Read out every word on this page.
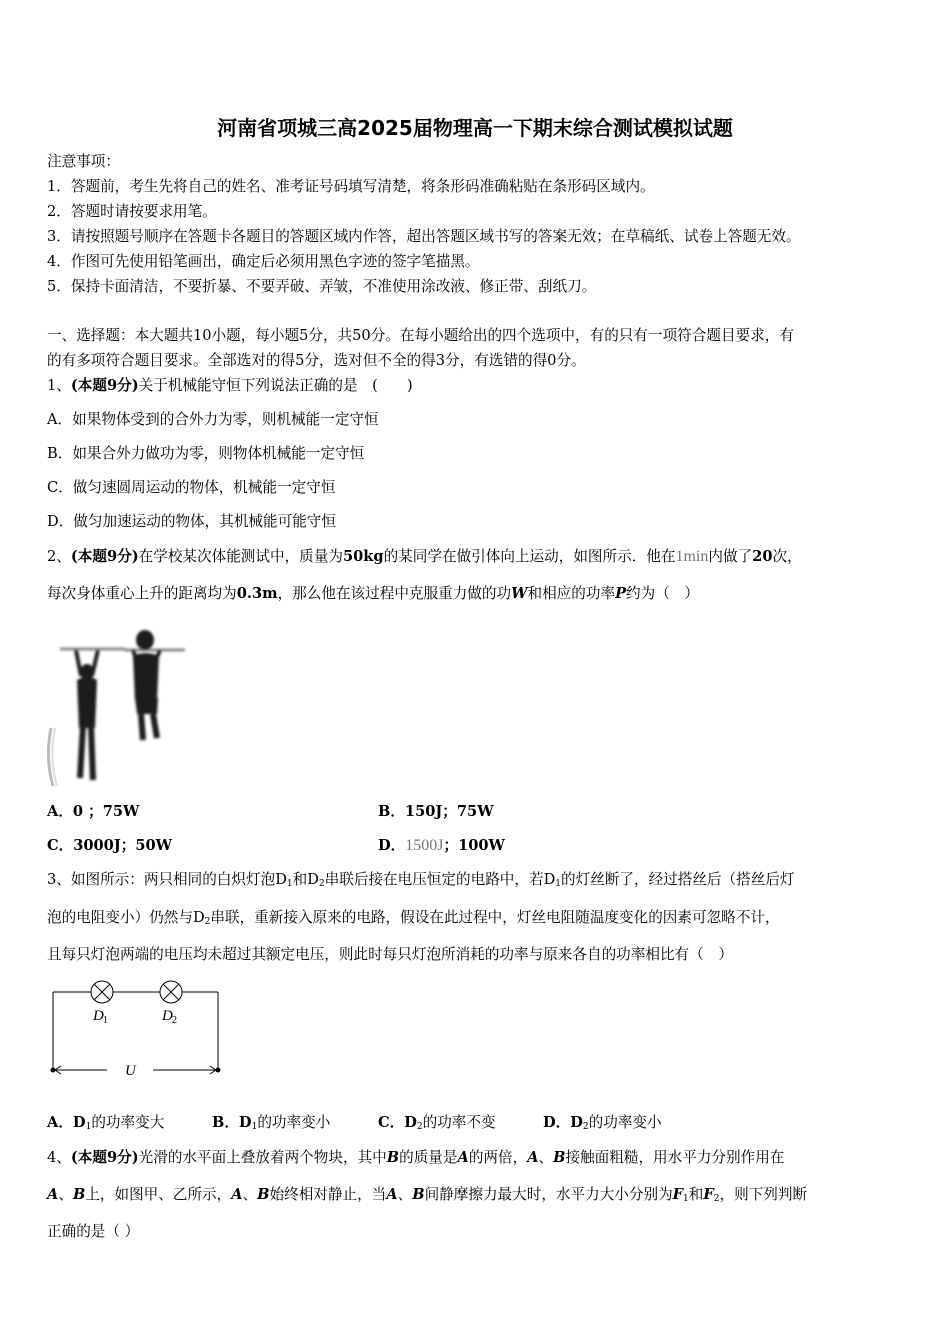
河南省项城三高2025届物理高一下期末综合测试模拟试题
注意事项：
1．答题前，考生先将自己的姓名、准考证号码填写清楚，将条形码准确粘贴在条形码区域内。
2．答题时请按要求用笔。
3．请按照题号顺序在答题卡各题目的答题区域内作答，超出答题区域书写的答案无效；在草稿纸、试卷上答题无效。
4．作图可先使用铅笔画出，确定后必须用黑色字迹的签字笔描黑。
5．保持卡面清洁，不要折暴、不要弄破、弄皱，不准使用涂改液、修正带、刮纸刀。
一、选择题：本大题共10小题，每小题5分，共50分。在每小题给出的四个选项中，有的只有一项符合题目要求，有
的有多项符合题目要求。全部选对的得5分，选对但不全的得3分，有选错的得0分。
1、(本题9分)关于机械能守恒下列说法正确的是　(　　)
A．如果物体受到的合外力为零，则机械能一定守恒
B．如果合外力做功为零，则物体机械能一定守恒
C．做匀速圆周运动的物体，机械能一定守恒
D．做匀加速运动的物体，其机械能可能守恒
2、(本题9分)在学校某次体能测试中，质量为50kg的某同学在做引体向上运动，如图所示．他在1min内做了20次，
每次身体重心上升的距离均为0.3m，那么他在该过程中克服重力做的功W和相应的功率P约为（　）
A．0 ；75W	B．150J；75W
C．3000J；50W	D．1500J；100W
3、如图所示：两只相同的白炽灯泡$D_1$和$D_2$串联后接在电压恒定的电路中，若$D_1$的灯丝断了，经过搭丝后（搭丝后灯
泡的电阻变小）仍然与$D_2$串联，重新接入原来的电路，假设在此过程中，灯丝电阻随温度变化的因素可忽略不计，
且每只灯泡两端的电压均未超过其额定电压，则此时每只灯泡所消耗的功率与原来各自的功率相比有（　）
D 1	D 2
U
A．$D_1$的功率变大	B．$D_1$的功率变小	C．$D_2$的功率不变	D．$D_2$的功率变小
4、(本题9分)光滑的水平面上叠放着两个物块，其中B的质量是A的两倍，A、B接触面粗糙，用水平力分别作用在
A、B上，如图甲、乙所示，A、B始终相对静止，当A、B间静摩擦力最大时，水平力大小分别为$F_1$和$F_2$，则下列判断
正确的是（ ）
